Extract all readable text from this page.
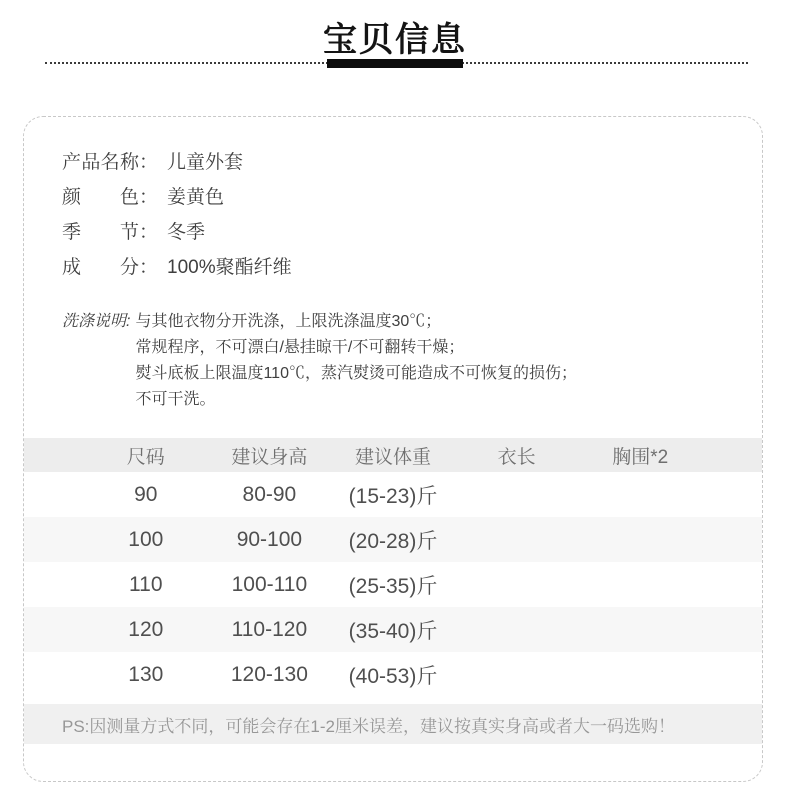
宝贝信息
产品名称 ： 儿童外套
颜色 ： 姜黄色
季节 ： 冬季
成分 ： 100%聚酯纤维
洗涤说明: 与其他衣物分开洗涤，上限洗涤温度30℃；
常规程序，不可漂白/悬挂晾干/不可翻转干燥；
熨斗底板上限温度110℃，蒸汽熨烫可能造成不可恢复的损伤；
不可干洗。
尺码	建议身高	建议体重	衣长	胸围*2
90	80-90	(15-23)斤
100	90-100	(20-28)斤
110	100-110	(25-35)斤
120	110-120	(35-40)斤
130	120-130	(40-53)斤
PS:因测量方式不同，可能会存在1-2厘米误差，建议按真实身高或者大一码选购！
